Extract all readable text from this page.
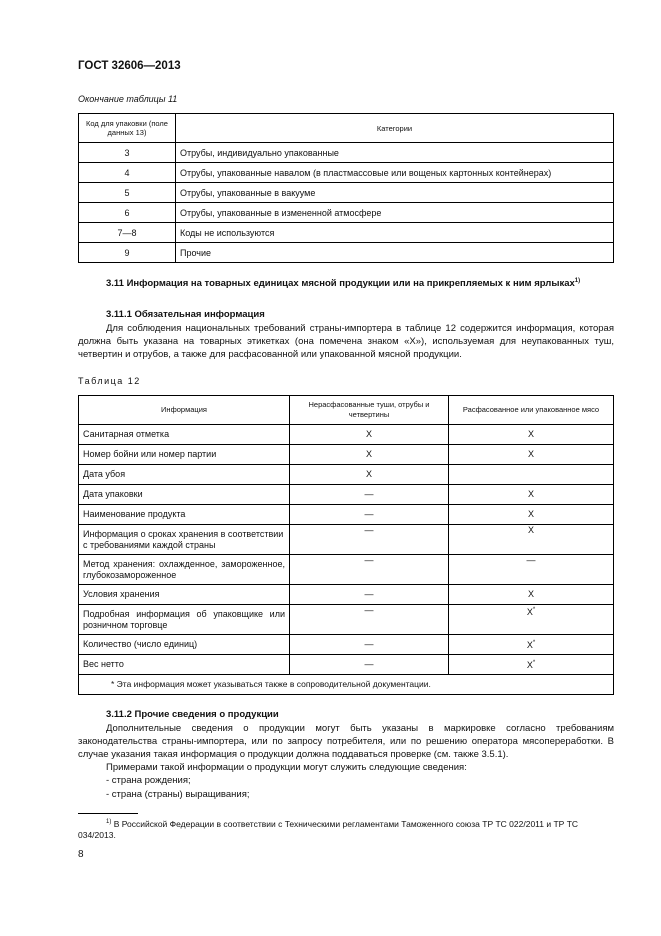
ГОСТ 32606—2013
Окончание таблицы 11
Код для упаковки (поле данных 13)	Категории
3	Отрубы, индивидуально упакованные
4	Отрубы, упакованные навалом (в пластмассовые или вощеных картонных контейнерах)
5	Отрубы, упакованные в вакууме
6	Отрубы, упакованные в измененной атмосфере
7—8	Коды не используются
9	Прочие
3.11 Информация на товарных единицах мясной продукции или на прикрепляемых к ним ярлыках$^{1)}$
3.11.1 Обязательная информация
Для соблюдения национальных требований страны-импортера в таблице 12 содержится информация, которая должна быть указана на товарных этикетках (она помечена знаком «Х»), используемая для неупакованных туш, четвертин и отрубов, а также для расфасованной или упакованной мясной продукции.
Таблица 12
Информация	Нерасфасованные туши, отрубы и четвертины	Расфасованное или упакованное мясо
Санитарная отметка	Х	Х
Номер бойни или номер партии	Х	Х
Дата убоя	Х	
Дата упаковки	—	Х
Наименование продукта	—	Х
Информация о сроках хранения в соответствии с требованиями каждой страны	—	Х
Метод хранения: охлажденное, замороженное, глубокозамороженное	—	—
Условия хранения	—	Х
Подробная информация об упаковщике или розничном торговце	—	Х*
Количество (число единиц)	—	Х*
Вес нетто	—	Х*
* Эта информация может указываться также в сопроводительной документации.		
3.11.2 Прочие сведения о продукции
Дополнительные сведения о продукции могут быть указаны в маркировке согласно требованиям законодательства страны-импортера, или по запросу потребителя, или по решению оператора мясопереработки. В случае указания такая информация о продукции должна поддаваться проверке (см. также 3.5.1).
Примерами такой информации о продукции могут служить следующие сведения:
- страна рождения;
- страна (страны) выращивания;
$^{1)}$ В Российской Федерации в соответствии с Техническими регламентами Таможенного союза ТР ТС 022/2011 и ТР ТС 034/2013.
8
